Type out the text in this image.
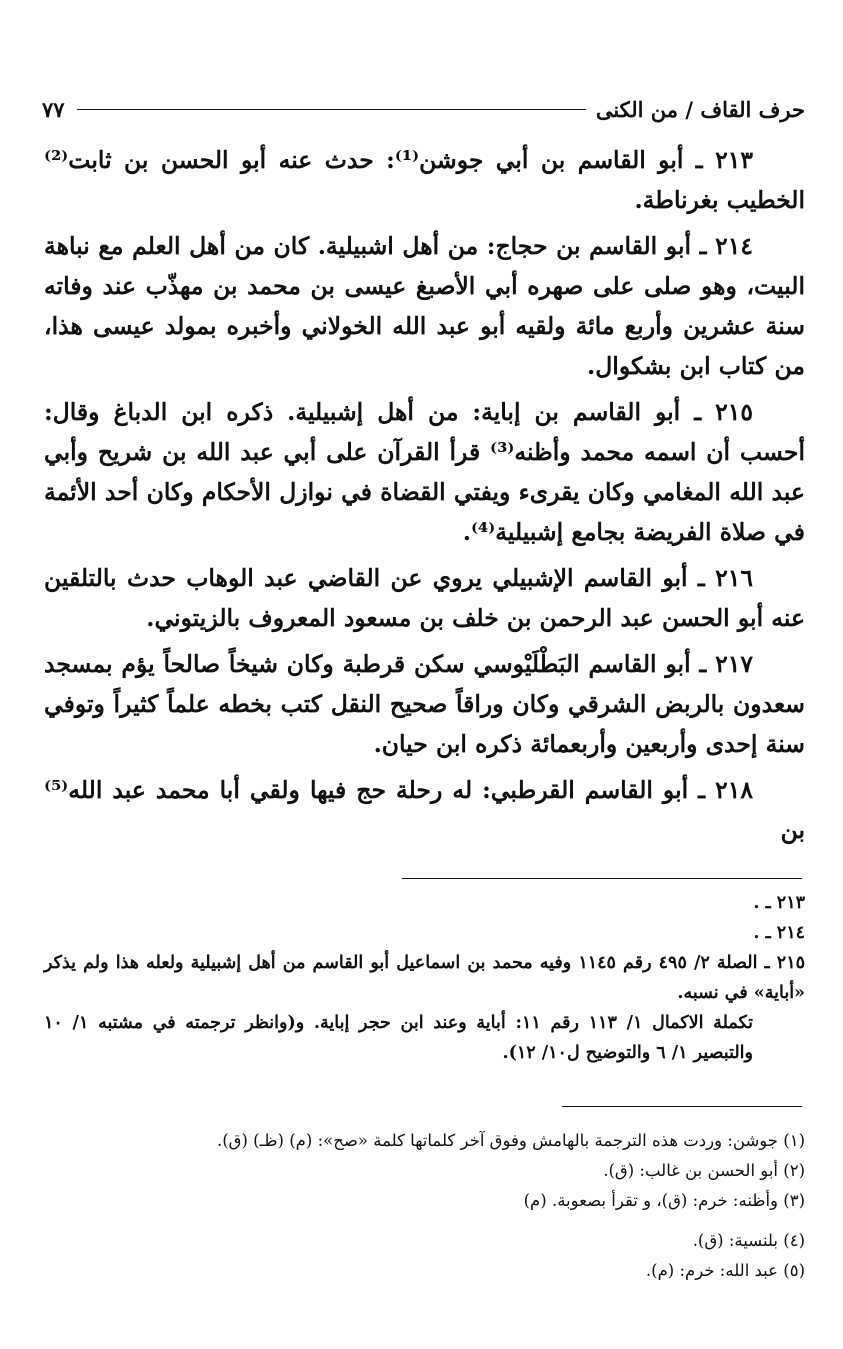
حرف القاف / من الكنى
٧٧

٢١٣ ـ أبو القاسم بن أبي جوشن⁽¹⁾: حدث عنه أبو الحسن بن ثابت⁽²⁾ الخطيب بغرناطة.

٢١٤ ـ أبو القاسم بن حجاج: من أهل اشبيلية. كان من أهل العلم مع نباهة البيت، وهو صلى على صهره أبي الأصبغ عيسى بن محمد بن مهذّب عند وفاته سنة عشرين وأربع مائة ولقيه أبو عبد الله الخولاني وأخبره بمولد عيسى هذا، من كتاب ابن بشكوال.

٢١٥ ـ أبو القاسم بن إباية: من أهل إشبيلية. ذكره ابن الدباغ وقال: أحسب أن اسمه محمد وأظنه⁽³⁾ قرأ القرآن على أبي عبد الله بن شريح وأبي عبد الله المغامي وكان يقرىء ويفتي القضاة في نوازل الأحكام وكان أحد الأئمة في صلاة الفريضة بجامع إشبيلية⁽⁴⁾.

٢١٦ ـ أبو القاسم الإشبيلي يروي عن القاضي عبد الوهاب حدث بالتلقين عنه أبو الحسن عبد الرحمن بن خلف بن مسعود المعروف بالزيتوني.

٢١٧ ـ أبو القاسم البَطْلَيْوسي سكن قرطبة وكان شيخاً صالحاً يؤم بمسجد سعدون بالربض الشرقي وكان وراقاً صحيح النقل كتب بخطه علماً كثيراً وتوفي سنة إحدى وأربعين وأربعمائة ذكره ابن حيان.

٢١٨ ـ أبو القاسم القرطبي: له رحلة حج فيها ولقي أبا محمد عبد الله⁽⁵⁾ بن

٢١٣ ـ .

٢١٤ ـ .

٢١٥ ـ الصلة ٢/ ٤٩٥ رقم ١١٤٥ وفيه محمد بن اسماعيل أبو القاسم من أهل إشبيلية ولعله هذا ولم يذكر «أباية» في نسبه.

تكملة الاكمال ١/ ١١٣ رقم ١١: أباية وعند ابن حجر إباية. و(وانظر ترجمته في مشتبه ١/ ١٠ والتبصير ١/ ٦ والتوضيح ل١٠/ ١٢).

(١) جوشن: وردت هذه الترجمة بالهامش وفوق آخر كلماتها كلمة «صح»: (م) (ظـ) (ق).

(٢) أبو الحسن بن غالب: (ق).

(٣) وأظنه: خرم: (ق)، و تقرأ بصعوبة. (م)

(٤) بلنسية: (ق).

(٥) عبد الله: خرم: (م).
